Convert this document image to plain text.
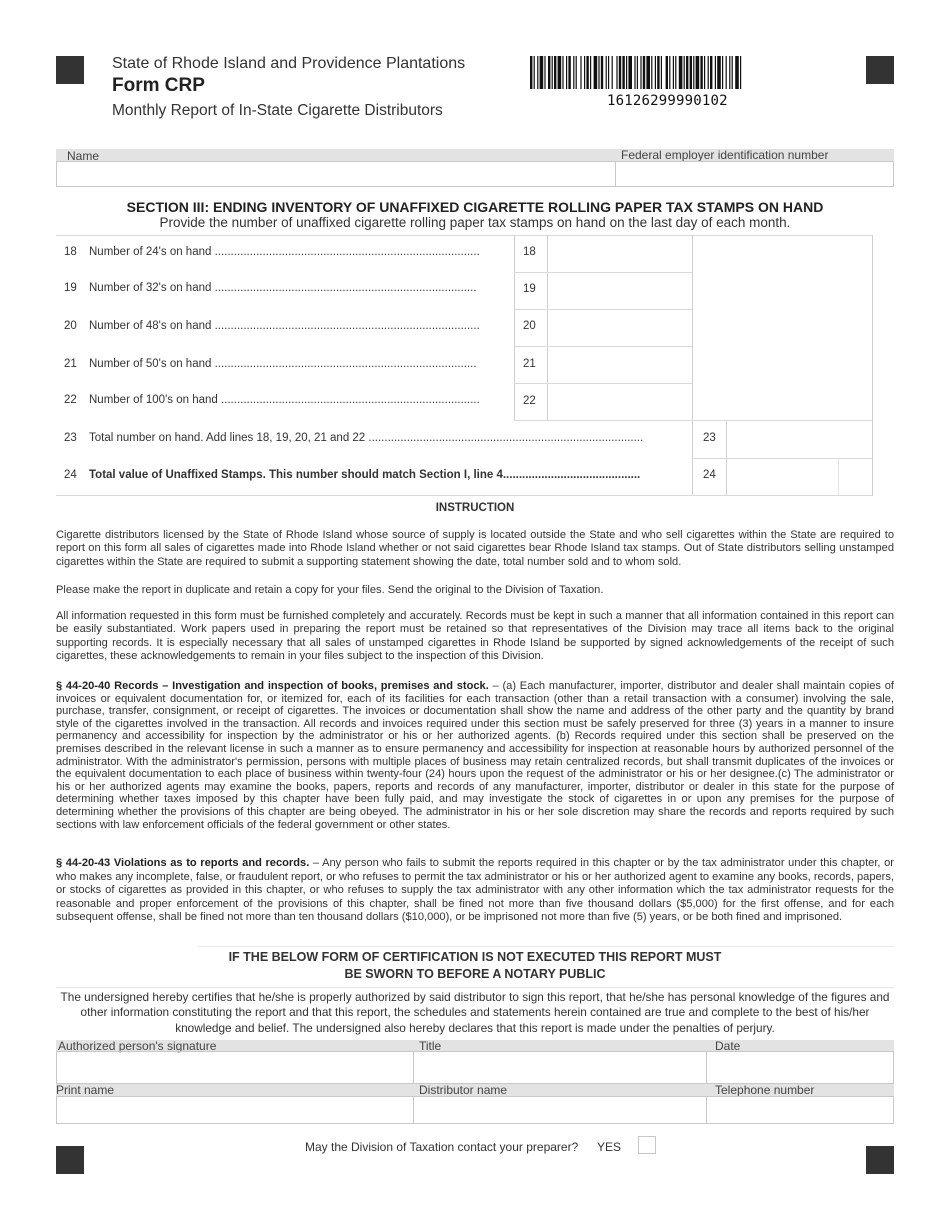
State of Rhode Island and Providence Plantations
Form CRP
Monthly Report of In-State Cigarette Distributors
16126299990102
Name	Federal employer identification number
SECTION III: ENDING INVENTORY OF UNAFFIXED CIGARETTE ROLLING PAPER TAX STAMPS ON HAND
Provide the number of unaffixed cigarette rolling paper tax stamps on hand on the last day of each month.
18 Number of 24's on hand ...................................................................................	18
19 Number of 32's on hand ..................................................................................	19
20 Number of 48's on hand ...................................................................................	20
21 Number of 50's on hand ..................................................................................	21
22 Number of 100's on hand .................................................................................	22
23 Total number on hand. Add lines 18, 19, 20, 21 and 22 ......................................................................................	23
24 Total value of Unaffixed Stamps. This number should match Section I, line 4...........................................	24
INSTRUCTION
Cigarette distributors licensed by the State of Rhode Island whose source of supply is located outside the State and who sell cigarettes within the State are required to report on this form all sales of cigarettes made into Rhode Island whether or not said cigarettes bear Rhode Island tax stamps. Out of State distributors selling unstamped cigarettes within the State are required to submit a supporting statement showing the date, total number sold and to whom sold.
Please make the report in duplicate and retain a copy for your files. Send the original to the Division of Taxation.
All information requested in this form must be furnished completely and accurately. Records must be kept in such a manner that all information contained in this report can be easily substantiated. Work papers used in preparing the report must be retained so that representatives of the Division may trace all items back to the original supporting records. It is especially necessary that all sales of unstamped cigarettes in Rhode Island be supported by signed acknowledgements of the receipt of such cigarettes, these acknowledgements to remain in your files subject to the inspection of this Division.
§ 44-20-40 Records – Investigation and inspection of books, premises and stock. – (a) Each manufacturer, importer, distributor and dealer shall maintain copies of invoices or equivalent documentation for, or itemized for, each of its facilities for each transaction (other than a retail transaction with a consumer) involving the sale, purchase, transfer, consignment, or receipt of cigarettes. The invoices or documentation shall show the name and address of the other party and the quantity by brand style of the cigarettes involved in the transaction. All records and invoices required under this section must be safely preserved for three (3) years in a manner to insure permanency and accessibility for inspection by the administrator or his or her authorized agents. (b) Records required under this section shall be preserved on the premises described in the relevant license in such a manner as to ensure permanency and accessibility for inspection at reasonable hours by authorized personnel of the administrator. With the administrator's permission, persons with multiple places of business may retain centralized records, but shall transmit duplicates of the invoices or the equivalent documentation to each place of business within twenty-four (24) hours upon the request of the administrator or his or her designee.(c) The administrator or his or her authorized agents may examine the books, papers, reports and records of any manufacturer, importer, distributor or dealer in this state for the purpose of determining whether taxes imposed by this chapter have been fully paid, and may investigate the stock of cigarettes in or upon any premises for the purpose of determining whether the provisions of this chapter are being obeyed. The administrator in his or her sole discretion may share the records and reports required by such sections with law enforcement officials of the federal government or other states.
§ 44-20-43 Violations as to reports and records. – Any person who fails to submit the reports required in this chapter or by the tax administrator under this chapter, or who makes any incomplete, false, or fraudulent report, or who refuses to permit the tax administrator or his or her authorized agent to examine any books, records, papers, or stocks of cigarettes as provided in this chapter, or who refuses to supply the tax administrator with any other information which the tax administrator requests for the reasonable and proper enforcement of the provisions of this chapter, shall be fined not more than five thousand dollars ($5,000) for the first offense, and for each subsequent offense, shall be fined not more than ten thousand dollars ($10,000), or be imprisoned not more than five (5) years, or be both fined and imprisoned.
IF THE BELOW FORM OF CERTIFICATION IS NOT EXECUTED THIS REPORT MUST
BE SWORN TO BEFORE A NOTARY PUBLIC
The undersigned hereby certifies that he/she is properly authorized by said distributor to sign this report, that he/she has personal knowledge of the figures and other information constituting the report and that this report, the schedules and statements herein contained are true and complete to the best of his/her knowledge and belief. The undersigned also hereby declares that this report is made under the penalties of perjury.
Authorized person's signature	Title	Date
Print name	Distributor name	Telephone number
May the Division of Taxation contact your preparer? YES
